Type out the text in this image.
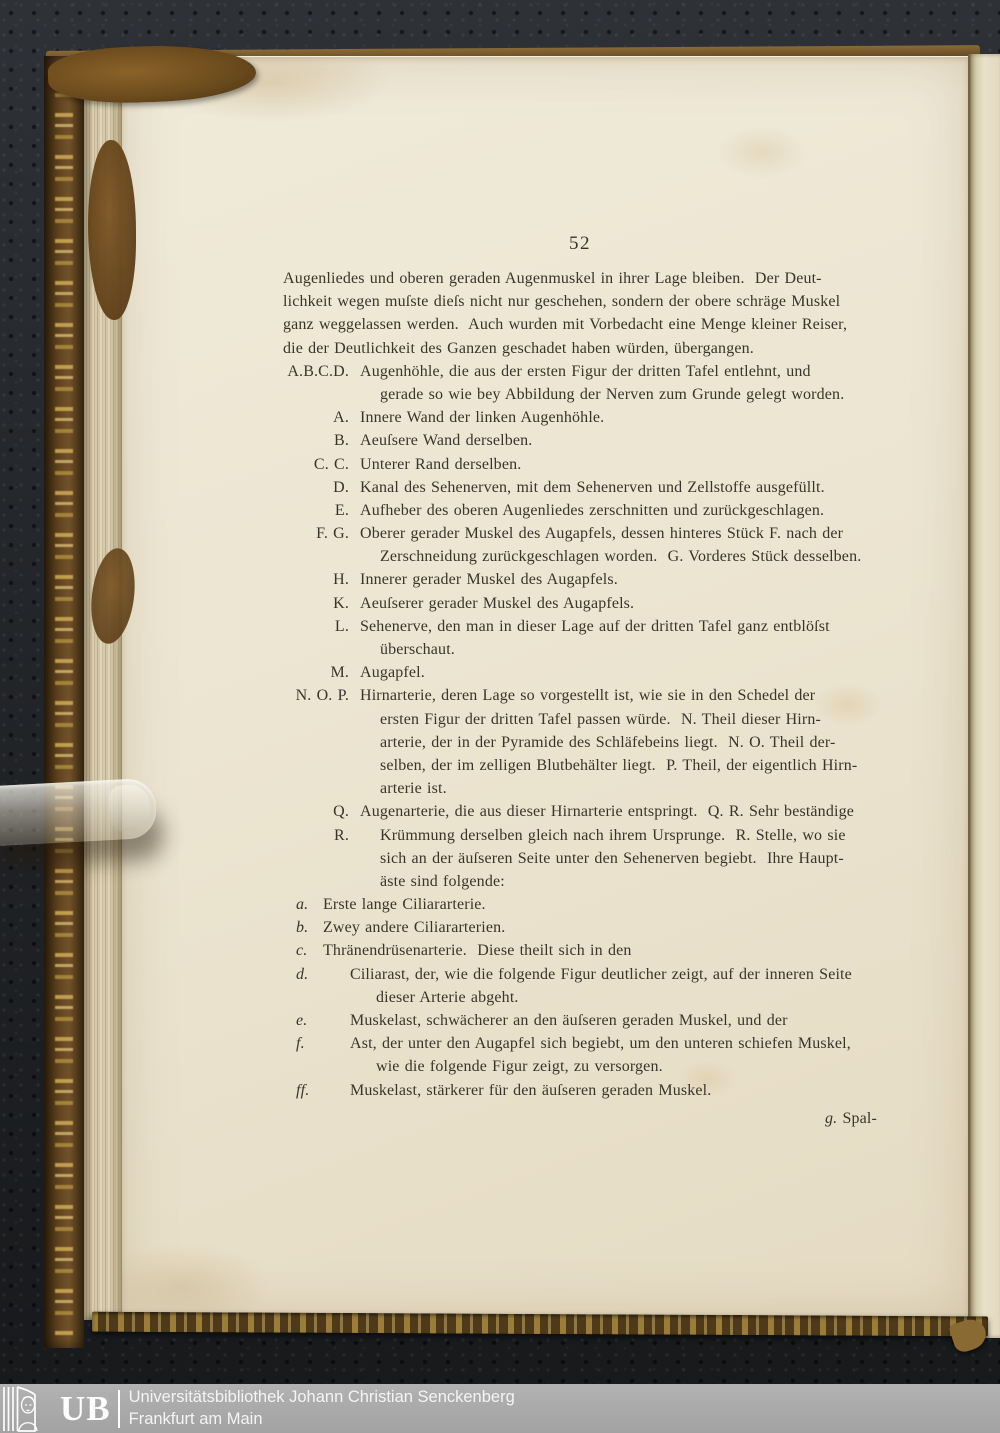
52
Augenliedes und oberen geraden Augenmuskel in ihrer Lage bleiben.  Der Deut-
lichkeit wegen muſste dieſs nicht nur geschehen, sondern der obere schräge Muskel
ganz weggelassen werden.  Auch wurden mit Vorbedacht eine Menge kleiner Reiser,
die der Deutlichkeit des Ganzen geschadet haben würden, übergangen.
A.B.C.D. Augenhöhle, die aus der ersten Figur der dritten Tafel entlehnt, und
gerade so wie bey Abbildung der Nerven zum Grunde gelegt worden.
A. Innere Wand der linken Augenhöhle.
B. Aeuſsere Wand derselben.
C. C. Unterer Rand derselben.
D. Kanal des Sehenerven, mit dem Sehenerven und Zellstoffe ausgefüllt.
E. Aufheber des oberen Augenliedes zerschnitten und zurückgeschlagen.
F. G. Oberer gerader Muskel des Augapfels, dessen hinteres Stück F. nach der
Zerschneidung zurückgeschlagen worden.  G. Vorderes Stück desselben.
H. Innerer gerader Muskel des Augapfels.
K. Aeuſserer gerader Muskel des Augapfels.
L. Sehenerve, den man in dieser Lage auf der dritten Tafel ganz entblöſst
überschaut.
M. Augapfel.
N. O. P. Hirnarterie, deren Lage so vorgestellt ist, wie sie in den Schedel der
ersten Figur der dritten Tafel passen würde.  N. Theil dieser Hirn-
arterie, der in der Pyramide des Schläfebeins liegt.  N. O. Theil der-
selben, der im zelligen Blutbehälter liegt.  P. Theil, der eigentlich Hirn-
arterie ist.
Q. Augenarterie, die aus dieser Hirnarterie entspringt.  Q. R. Sehr beständige
R. Krümmung derselben gleich nach ihrem Ursprunge.  R. Stelle, wo sie
sich an der äuſseren Seite unter den Sehenerven begiebt.  Ihre Haupt-
äste sind folgende:
a. Erste lange Ciliararterie.
b. Zwey andere Ciliararterien.
c. Thränendrüsenarterie.  Diese theilt sich in den
d.	Ciliarast, der, wie die folgende Figur deutlicher zeigt, auf der inneren Seite
dieser Arterie abgeht.
e.	Muskelast, schwächerer an den äuſseren geraden Muskel, und der
f.	Ast, der unter den Augapfel sich begiebt, um den unteren schiefen Muskel,
wie die folgende Figur zeigt, zu versorgen.
ff.	Muskelast, stärkerer für den äuſseren geraden Muskel.
g. Spal-
UB Universitätsbibliothek Johann Christian Senckenberg
Frankfurt am Main
